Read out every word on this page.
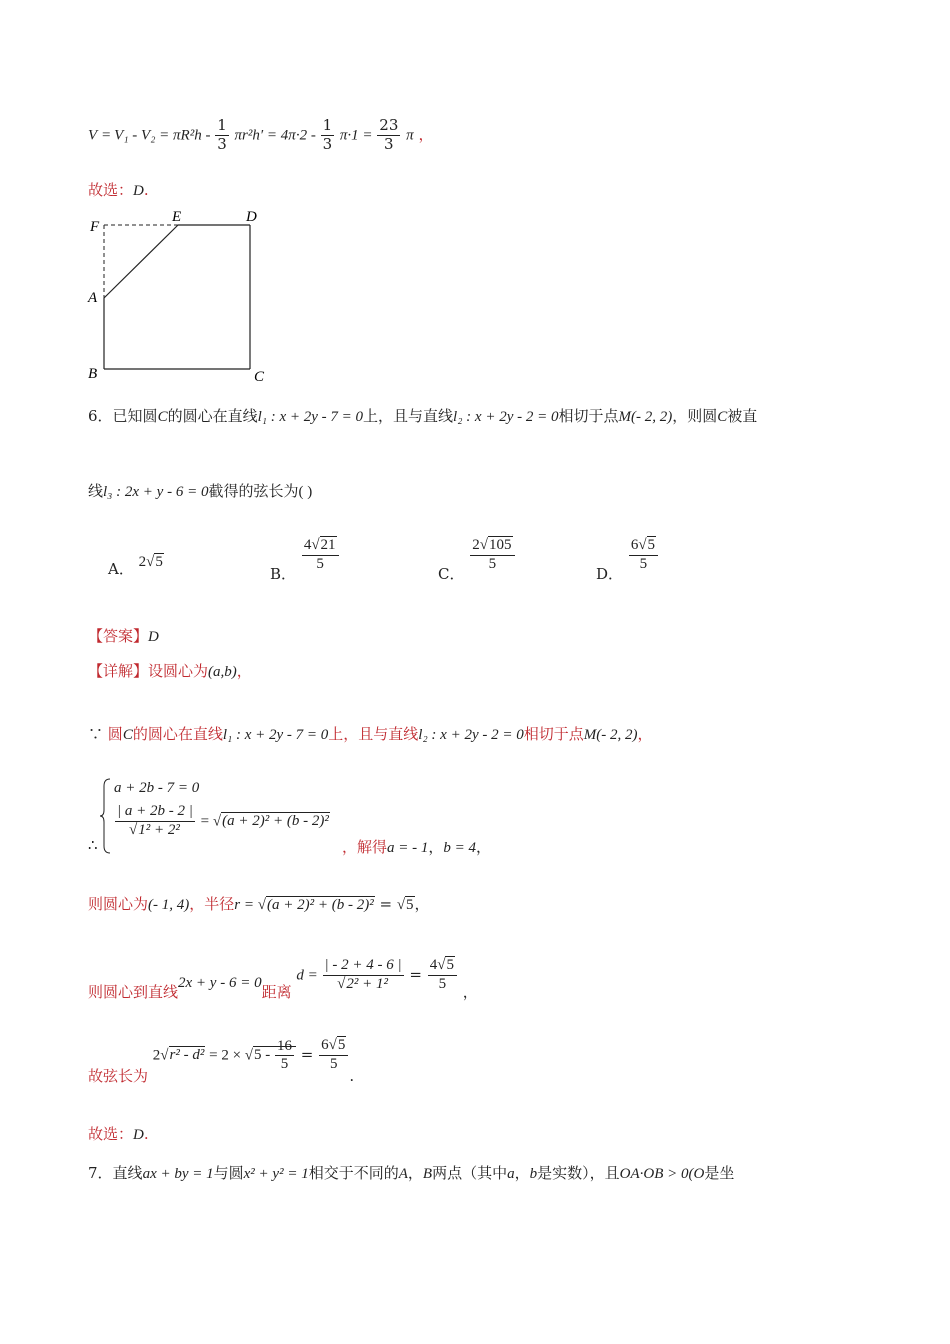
$V = V_1 - V_2 = \pi R^2h - \frac{1}{3} \pi r^2h' = 4\pi\cdot 2 - \frac{1}{3} \pi\cdot 1 = \frac{23}{3}$ π ，
故选：D.
F
E	D
A
B	C
6．已知圆C的圆心在直线l₁ : x + 2y - 7 = 0上，且与直线l₂ : x + 2y - 2 = 0相切于点M(- 2, 2)，则圆C被直
线l₃ : 2x + y - 6 = 0截得的弦长为( )
A． 2√5
B．
$\frac{4√21}{5}$
C．
$\frac{2√105}{5}$
D．
$\frac{6√5}{5}$
【答案】D
【详解】设圆心为(a,b)，
∵ 圆C的圆心在直线l₁ : x + 2y - 7 = 0上，且与直线l₂ : x + 2y - 2 = 0相切于点M(- 2, 2)，
∴
a + 2b - 7 = 0
$\frac{| a + 2b - 2 |}{\text{√1² + 2²}} = √(a + 2)^2 + (b - 2)^2$
，解得a = - 1，b = 4，
则圆心为(- 1, 4)，半径r = √(a + 2)² + (b - 2)² = √5，
则圆心到直线2x + y - 6 = 0距离 $d = \frac{| - 2 + 4 - 6 |}{\text{√2² + 1²}} = \frac{4√5}{5}$ ，
故弦长为 $2√r^2 - d^2 = 2 \times √5 - \frac{16}{5} = \frac{6√5}{5}$
.
故选：D.
7．直线ax + by = 1与圆x² + y² = 1相交于不同的A，B两点（其中a，b是实数），且OA·OB > 0(O是坐
